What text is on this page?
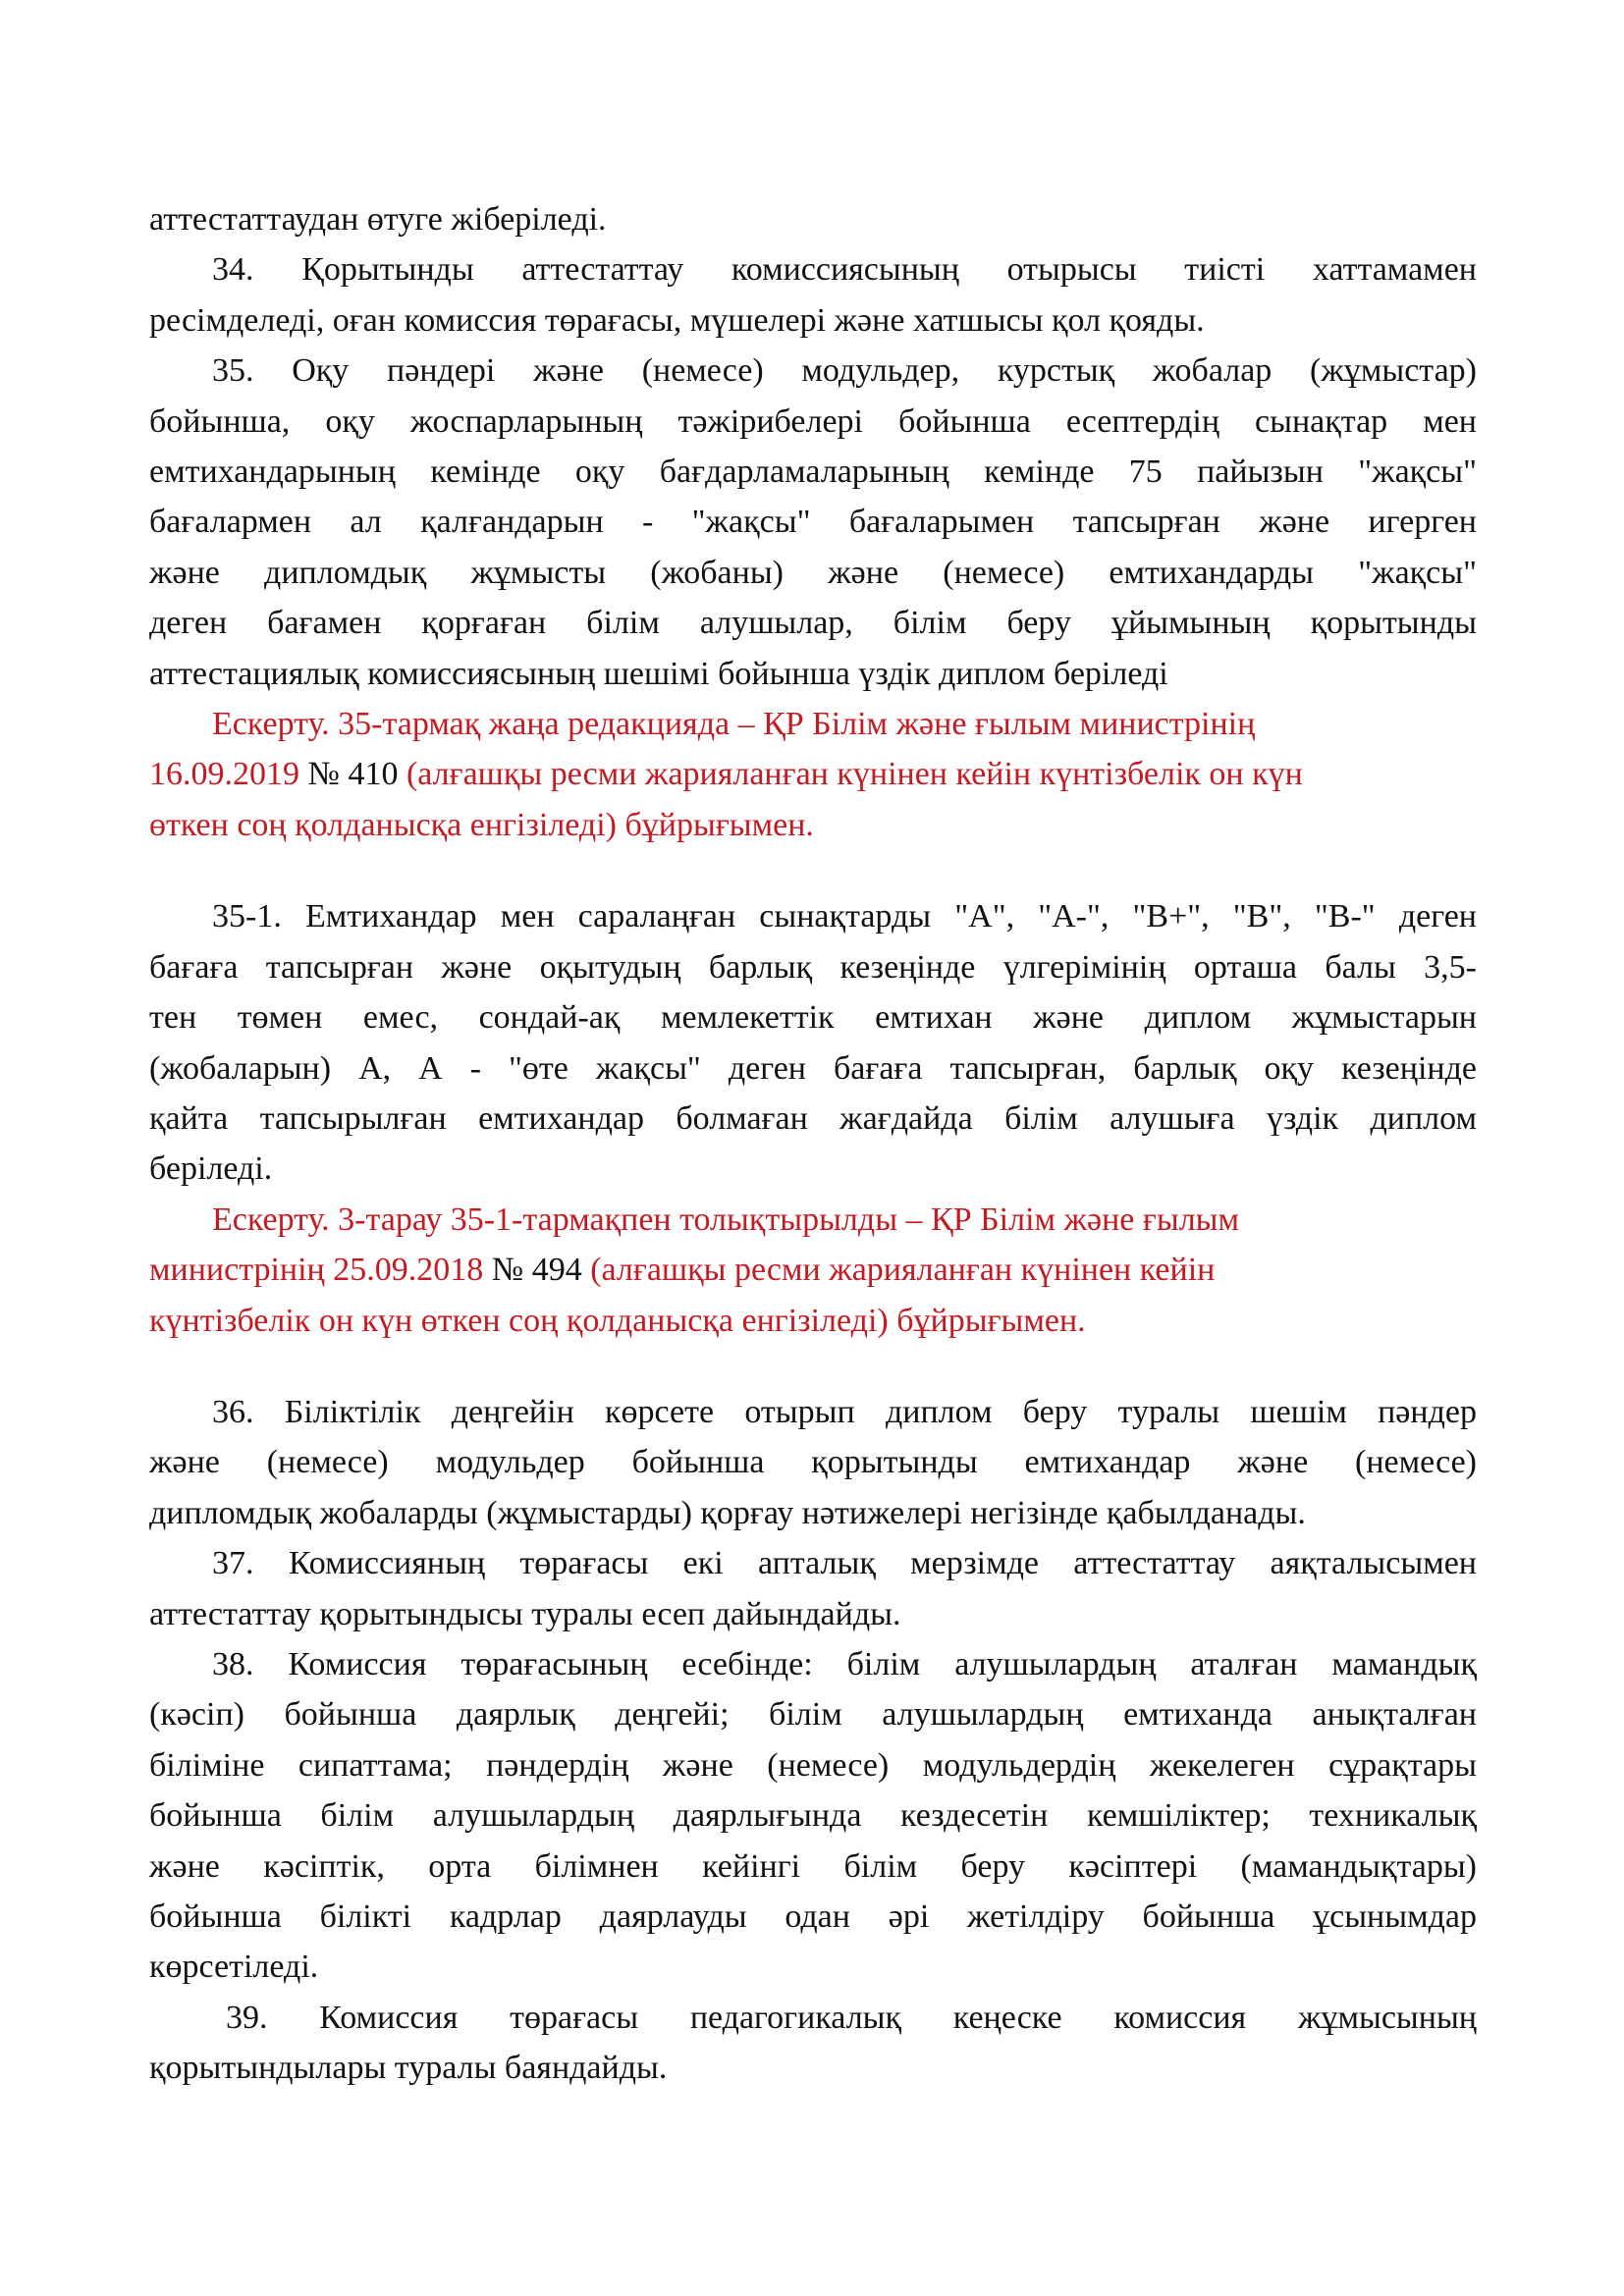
аттестаттаудан өтуге жіберіледі.

34. Қорытынды аттестаттау комиссиясының отырысы тиісті хаттамамен
ресімделеді, оған комиссия төрағасы, мүшелері және хатшысы қол қояды.

35. Оқу пәндері және (немесе) модульдер, курстық жобалар (жұмыстар)
бойынша, оқу жоспарларының тәжірибелері бойынша есептердің сынақтар мен
емтихандарының кемінде оқу бағдарламаларының кемінде 75 пайызын "жақсы"
бағалармен ал қалғандарын - "жақсы" бағаларымен тапсырған және игерген
және дипломдық жұмысты (жобаны) және (немесе) емтихандарды "жақсы"
деген бағамен қорғаған білім алушылар, білім беру ұйымының қорытынды
аттестациялық комиссиясының шешімі бойынша үздік диплом беріледі

Ескерту. 35-тармақ жаңа редакцияда – ҚР Білім және ғылым министрінің
16.09.2019 № 410 (алғашқы ресми жарияланған күнінен кейін күнтізбелік он күн
өткен соң қолданысқа енгізіледі) бұйрығымен.

35-1. Емтихандар мен саралаңған сынақтарды "А", "А-", "В+", "В", "В-" деген
бағаға тапсырған және оқытудың барлық кезеңінде үлгерімінің орташа балы 3,5-
тен төмен емес, сондай-ақ мемлекеттік емтихан және диплом жұмыстарын
(жобаларын) А, А - "өте жақсы" деген бағаға тапсырған, барлық оқу кезеңінде
қайта тапсырылған емтихандар болмаған жағдайда білім алушыға үздік диплом
беріледі.

Ескерту. 3-тарау 35-1-тармақпен толықтырылды – ҚР Білім және ғылым
министрінің 25.09.2018 № 494 (алғашқы ресми жарияланған күнінен кейін
күнтізбелік он күн өткен соң қолданысқа енгізіледі) бұйрығымен.

36. Біліктілік деңгейін көрсете отырып диплом беру туралы шешім пәндер
және (немесе) модульдер бойынша қорытынды емтихандар және (немесе)
дипломдық жобаларды (жұмыстарды) қорғау нәтижелері негізінде қабылданады.

37. Комиссияның төрағасы екі апталық мерзімде аттестаттау аяқталысымен
аттестаттау қорытындысы туралы есеп дайындайды.

38. Комиссия төрағасының есебінде: білім алушылардың аталған мамандық
(кәсіп) бойынша даярлық деңгейі; білім алушылардың емтиханда анықталған
біліміне сипаттама; пәндердің және (немесе) модульдердің жекелеген сұрақтары
бойынша білім алушылардың даярлығында кездесетін кемшіліктер; техникалық
және кәсіптік, орта білімнен кейінгі білім беру кәсіптері (мамандықтары)
бойынша білікті кадрлар даярлауды одан әрі жетілдіру бойынша ұсынымдар
көрсетіледі.

39. Комиссия төрағасы педагогикалық кеңеске комиссия жұмысының
қорытындылары туралы баяндайды.
